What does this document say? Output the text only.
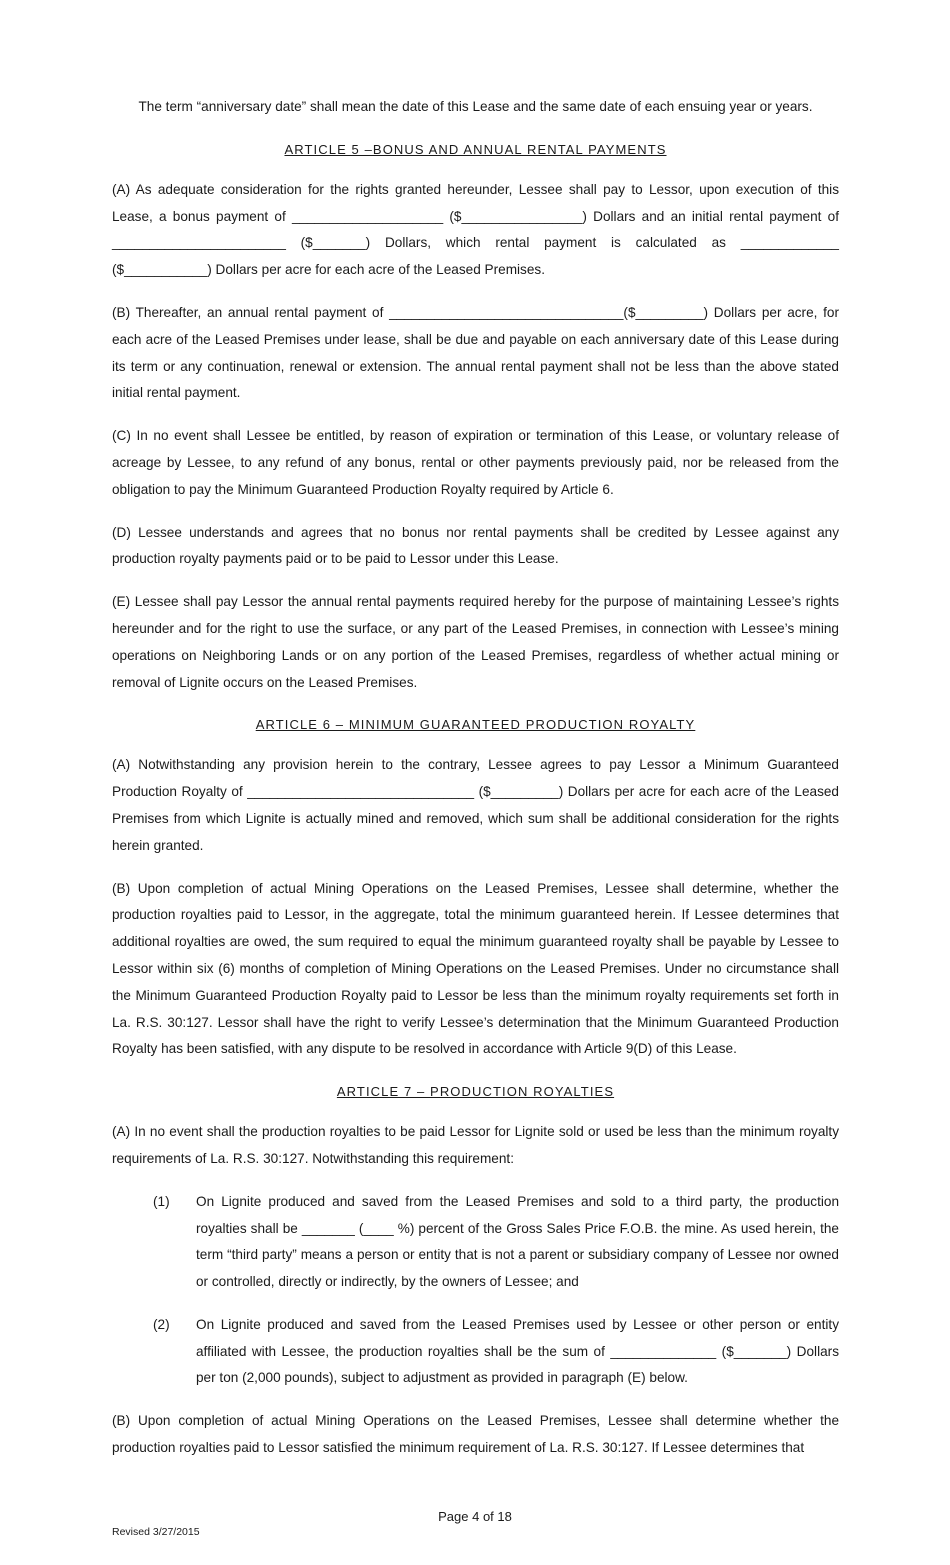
The term “anniversary date” shall mean the date of this Lease and the same date of each ensuing year or years.

ARTICLE 5 –BONUS AND ANNUAL RENTAL PAYMENTS

(A) As adequate consideration for the rights granted hereunder, Lessee shall pay to Lessor, upon execution of this Lease, a bonus payment of ____________________ ($________________) Dollars and an initial rental payment of _______________________ ($_______) Dollars, which rental payment is calculated as _____________ ($___________) Dollars per acre for each acre of the Leased Premises.

(B) Thereafter, an annual rental payment of _______________________________($_________) Dollars per acre, for each acre of the Leased Premises under lease, shall be due and payable on each anniversary date of this Lease during its term or any continuation, renewal or extension. The annual rental payment shall not be less than the above stated initial rental payment.

(C) In no event shall Lessee be entitled, by reason of expiration or termination of this Lease, or voluntary release of acreage by Lessee, to any refund of any bonus, rental or other payments previously paid, nor be released from the obligation to pay the Minimum Guaranteed Production Royalty required by Article 6.

(D) Lessee understands and agrees that no bonus nor rental payments shall be credited by Lessee against any production royalty payments paid or to be paid to Lessor under this Lease.

(E) Lessee shall pay Lessor the annual rental payments required hereby for the purpose of maintaining Lessee’s rights hereunder and for the right to use the surface, or any part of the Leased Premises, in connection with Lessee’s mining operations on Neighboring Lands or on any portion of the Leased Premises, regardless of whether actual mining or removal of Lignite occurs on the Leased Premises.

ARTICLE 6 – MINIMUM GUARANTEED PRODUCTION ROYALTY

(A) Notwithstanding any provision herein to the contrary, Lessee agrees to pay Lessor a Minimum Guaranteed Production Royalty of ______________________________ ($_________) Dollars per acre for each acre of the Leased Premises from which Lignite is actually mined and removed, which sum shall be additional consideration for the rights herein granted.

(B) Upon completion of actual Mining Operations on the Leased Premises, Lessee shall determine, whether the production royalties paid to Lessor, in the aggregate, total the minimum guaranteed herein. If Lessee determines that additional royalties are owed, the sum required to equal the minimum guaranteed royalty shall be payable by Lessee to Lessor within six (6) months of completion of Mining Operations on the Leased Premises. Under no circumstance shall the Minimum Guaranteed Production Royalty paid to Lessor be less than the minimum royalty requirements set forth in La. R.S. 30:127. Lessor shall have the right to verify Lessee’s determination that the Minimum Guaranteed Production Royalty has been satisfied, with any dispute to be resolved in accordance with Article 9(D) of this Lease.

ARTICLE 7 – PRODUCTION ROYALTIES

(A) In no event shall the production royalties to be paid Lessor for Lignite sold or used be less than the minimum royalty requirements of La. R.S. 30:127. Notwithstanding this requirement:

(1)	On Lignite produced and saved from the Leased Premises and sold to a third party, the production royalties shall be _______ (____ %) percent of the Gross Sales Price F.O.B. the mine. As used herein, the term “third party” means a person or entity that is not a parent or subsidiary company of Lessee nor owned or controlled, directly or indirectly, by the owners of Lessee; and

(2)	On Lignite produced and saved from the Leased Premises used by Lessee or other person or entity affiliated with Lessee, the production royalties shall be the sum of ______________ ($_______) Dollars per ton (2,000 pounds), subject to adjustment as provided in paragraph (E) below.

(B) Upon completion of actual Mining Operations on the Leased Premises, Lessee shall determine whether the production royalties paid to Lessor satisfied the minimum requirement of La. R.S. 30:127. If Lessee determines that

Page 4 of 18
Revised 3/27/2015
